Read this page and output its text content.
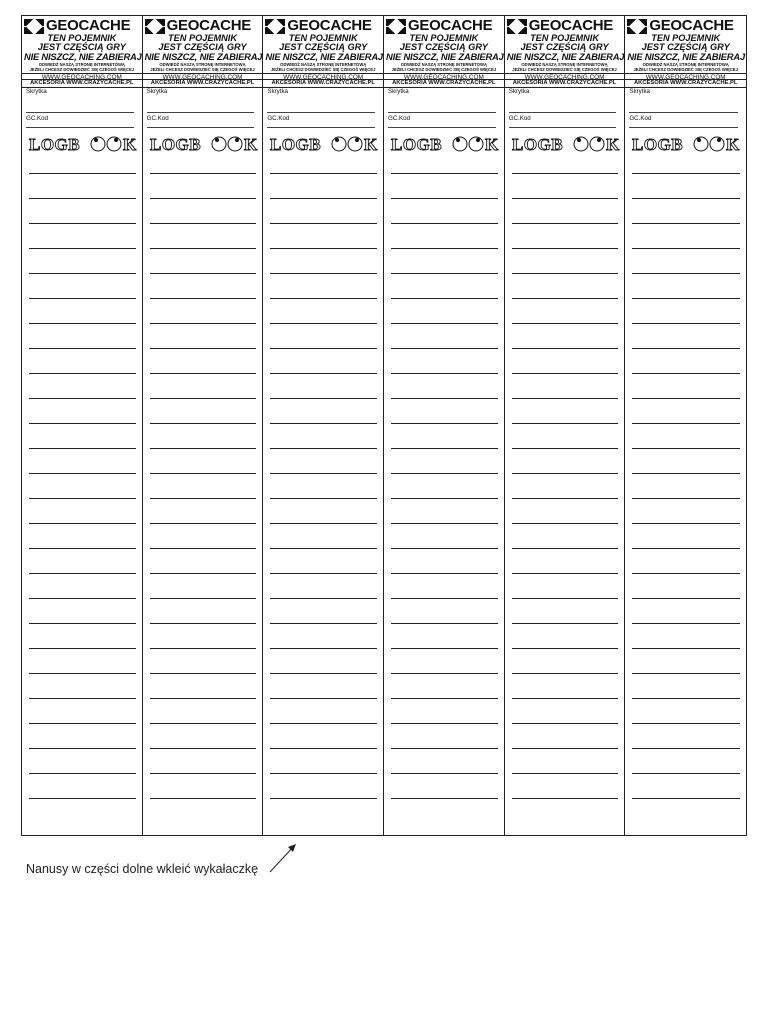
GEOCACHE
TEN POJEMNIK
JEST CZĘŚCIĄ GRY
NIE NISZCZ, NIE ZABIERAJ
ODWIEDŹ NASZĄ STRONĘ INTERNETOWĄ
JEŻELI CHCESZ DOWIEDZIEĆ SIĘ CZEGOŚ WIĘCEJ
WWW.GEOCACHING.COM
AKCESORIA WWW.CRAZYCACHE.PL
Skrytka
GC.Kod
LOGB	K
GEOCACHE
TEN POJEMNIK
JEST CZĘŚCIĄ GRY
NIE NISZCZ, NIE ZABIERAJ
ODWIEDŹ NASZĄ STRONĘ INTERNETOWĄ
JEŻELI CHCESZ DOWIEDZIEĆ SIĘ CZEGOŚ WIĘCEJ
WWW.GEOCACHING.COM
AKCESORIA WWW.CRAZYCACHE.PL
Skrytka
GC.Kod
LOGB	K
GEOCACHE
TEN POJEMNIK
JEST CZĘŚCIĄ GRY
NIE NISZCZ, NIE ZABIERAJ
ODWIEDŹ NASZĄ STRONĘ INTERNETOWĄ
JEŻELI CHCESZ DOWIEDZIEĆ SIĘ CZEGOŚ WIĘCEJ
WWW.GEOCACHING.COM
AKCESORIA WWW.CRAZYCACHE.PL
Skrytka
GC.Kod
LOGB	K
GEOCACHE
TEN POJEMNIK
JEST CZĘŚCIĄ GRY
NIE NISZCZ, NIE ZABIERAJ
ODWIEDŹ NASZĄ STRONĘ INTERNETOWĄ
JEŻELI CHCESZ DOWIEDZIEĆ SIĘ CZEGOŚ WIĘCEJ
WWW.GEOCACHING.COM
AKCESORIA WWW.CRAZYCACHE.PL
Skrytka
GC.Kod
LOGB	K
GEOCACHE
TEN POJEMNIK
JEST CZĘŚCIĄ GRY
NIE NISZCZ, NIE ZABIERAJ
ODWIEDŹ NASZĄ STRONĘ INTERNETOWĄ
JEŻELI CHCESZ DOWIEDZIEĆ SIĘ CZEGOŚ WIĘCEJ
WWW.GEOCACHING.COM
AKCESORIA WWW.CRAZYCACHE.PL
Skrytka
GC.Kod
LOGB	K
GEOCACHE
TEN POJEMNIK
JEST CZĘŚCIĄ GRY
NIE NISZCZ, NIE ZABIERAJ
ODWIEDŹ NASZĄ STRONĘ INTERNETOWĄ
JEŻELI CHCESZ DOWIEDZIEĆ SIĘ CZEGOŚ WIĘCEJ
WWW.GEOCACHING.COM
AKCESORIA WWW.CRAZYCACHE.PL
Skrytka
GC.Kod
LOGB	K
Nanusy w części dolne wkleić wykałaczkę
